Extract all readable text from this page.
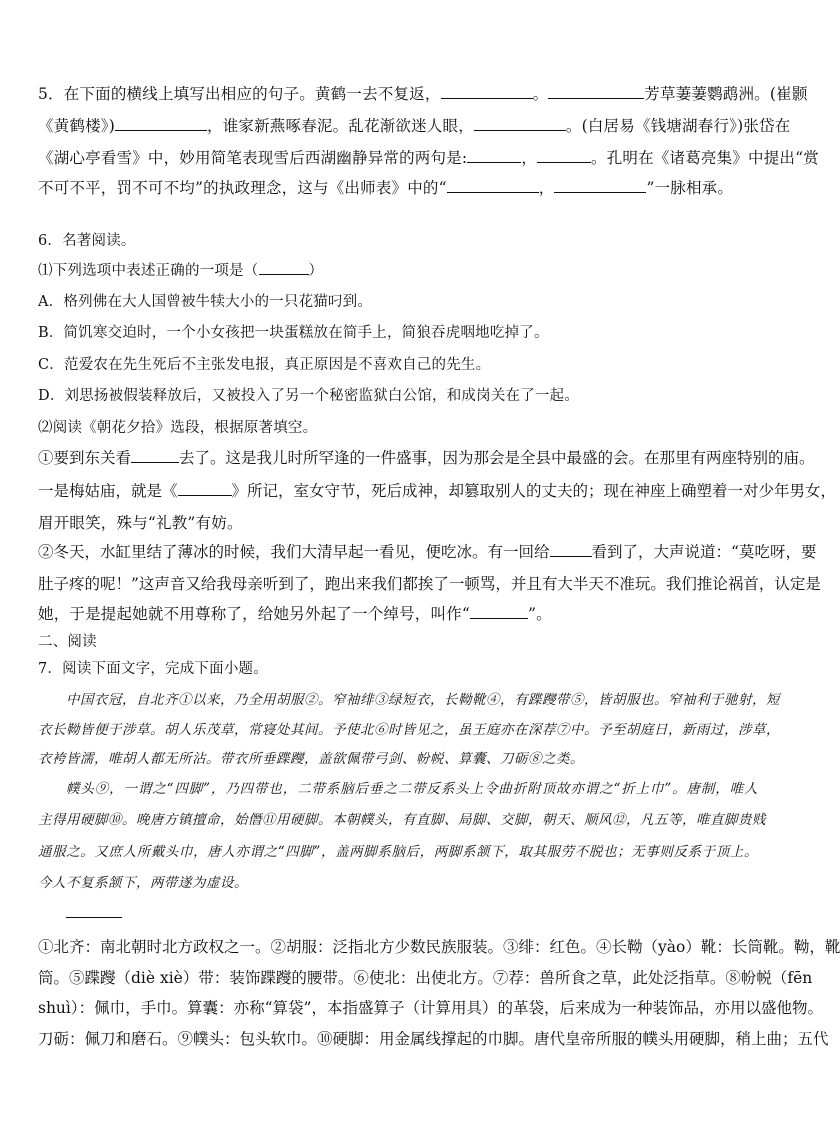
5．在下面的横线上填写出相应的句子。黄鹤一去不复返，	。	芳草萋萋鹦鹉洲。(崔颢
《黄鹤楼》)	，谁家新燕啄春泥。乱花渐欲迷人眼，	。(白居易《钱塘湖春行》)张岱在
《湖心亭看雪》中，妙用简笔表现雪后西湖幽静异常的两句是:	，	。孔明在《诸葛亮集》中提出“赏
不可不平，罚不可不均”的执政理念，这与《出师表》中的“	，	”一脉相承。
6．名著阅读。
⑴下列选项中表述正确的一项是（	）
A．格列佛在大人国曾被牛犊大小的一只花猫叼到。
B．简饥寒交迫时，一个小女孩把一块蛋糕放在简手上，简狼吞虎咽地吃掉了。
C．范爱农在先生死后不主张发电报，真正原因是不喜欢自己的先生。
D．刘思扬被假装释放后，又被投入了另一个秘密监狱白公馆，和成岗关在了一起。
⑵阅读《朝花夕拾》选段，根据原著填空。
①要到东关看	去了。这是我儿时所罕逢的一件盛事，因为那会是全县中最盛的会。在那里有两座特别的庙。
一是梅姑庙，就是《	》所记，室女守节，死后成神，却篡取别人的丈夫的；现在神座上确塑着一对少年男女，
眉开眼笑，殊与“礼教”有妨。
②冬天，水缸里结了薄冰的时候，我们大清早起一看见，便吃冰。有一回给	看到了，大声说道：“莫吃呀，要
肚子疼的呢！”这声音又给我母亲听到了，跑出来我们都挨了一顿骂，并且有大半天不准玩。我们推论祸首，认定是
她，于是提起她就不用尊称了，给她另外起了一个绰号，叫作“	”。
二、阅读
7．阅读下面文字，完成下面小题。
中国衣冠，自北齐①以来，乃全用胡服②。窄袖绯③绿短衣，长靿靴④，有蹀躞带⑤，皆胡服也。窄袖利于驰射，短
衣长靿皆便于涉草。胡人乐茂草，常寝处其间。予使北⑥时皆见之，虽王庭亦在深荐⑦中。予至胡庭日，新雨过，涉草，
衣袴皆濡，唯胡人都无所沾。带衣所垂蹀躞，盖欲佩带弓剑、帉帨、算囊、刀砺⑧之类。
幞头⑨，一谓之“四脚”，乃四带也，二带系脑后垂之二带反系头上令曲折附顶故亦谓之“折上巾”。唐制，唯人
主得用硬脚⑩。晚唐方镇擅命，始僭⑪用硬脚。本朝幞头，有直脚、局脚、交脚，朝天、顺风⑫，凡五等，唯直脚贵贱
通服之。又庶人所戴头巾，唐人亦谓之“四脚”，盖两脚系脑后，两脚系颔下，取其服劳不脱也；无事则反系于顶上。
今人不复系颔下，两带遂为虚设。
①北齐：南北朝时北方政权之一。②胡服：泛指北方少数民族服装。③绯：红色。④长靿（yào）靴：长筒靴。靿，靴
筒。⑤蹀躞（diè xiè）带：装饰蹀躞的腰带。⑥使北：出使北方。⑦荐：兽所食之草，此处泛指草。⑧帉帨（fēn
shuì）：佩巾，手巾。算囊：亦称“算袋”，本指盛算子（计算用具）的革袋，后来成为一种装饰品，亦用以盛他物。
刀砺：佩刀和磨石。⑨幞头：包头软巾。⑩硬脚：用金属线撑起的巾脚。唐代皇帝所服的幞头用硬脚，稍上曲；五代
